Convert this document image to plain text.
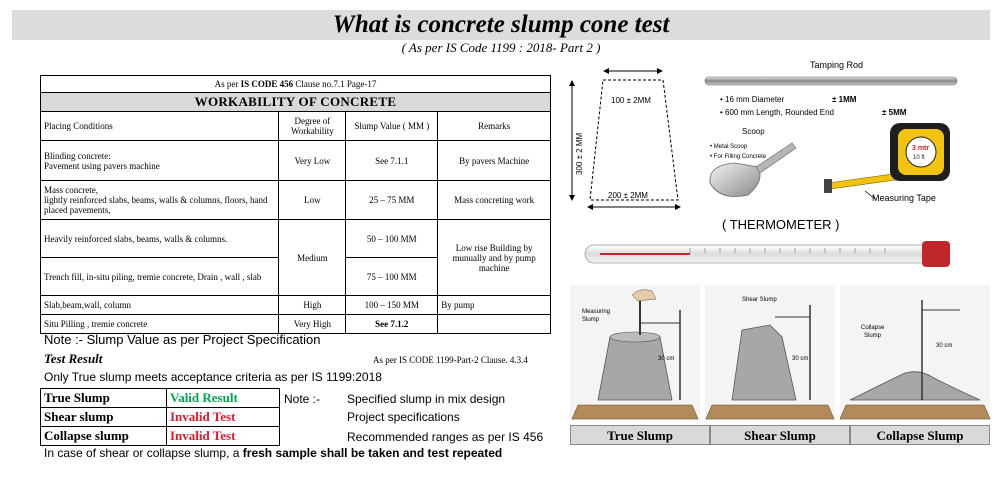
What is concrete slump cone test
( As per IS Code 1199 : 2018- Part 2 )
As per IS CODE 456 Clause no.7.1 Page-17			
WORKABILITY OF CONCRETE			
Placing Conditions	Degree of Workability	Slump Value ( MM )	Remarks

Blinding concrete:
Pavement using pavers machine	Very Low	See 7.1.1	By pavers Machine

Mass concrete,
lightly reinforced slabs, beams, walls & columns, floors, hand placed pavements,	Low	25 – 75 MM	Mass concreting work
Heavily reinforced slabs, beams, walls & columns.	Medium	50 – 100 MM	Low rise Building by munually and by pump machine
Trench fill, in-situ piling, tremie concrete, Drain , wall , slab		75 – 100 MM	
Slab,beam,wall, column	High	100 – 150 MM	By pump
Situ Pilling , tremie concrete	Very High	See 7.1.2	
Note :- Slump Value as per Project Specification
Test Result	As per IS CODE 1199-Part-2 Clause. 4.3.4
Only True slump meets acceptance criteria as per IS 1199:2018
True Slump	Valid Result
Shear slump	Invalid Test
Collapse slump	Invalid Test
Note :- Specified slump in mix design
Project specifications
Recommended ranges as per IS 456
In case of shear or collapse slump, a fresh sample shall be taken and test repeated
100 ± 2MM
200 ± 2MM
300 ± 2 MM
Tamping Rod
• 16 mm Diameter	± 1MM
• 600 mm Length, Rounded End	± 5MM
Scoop
• Metal Scoop
• For Filling Concrete
3 mtr
10 ft
Measuring Tape
Measuring
Slump
30 cm
Shear Slump
30 cm
Collapse
Slump
30 cm
( THERMOMETER )
True Slump	Shear Slump	Collapse Slump
